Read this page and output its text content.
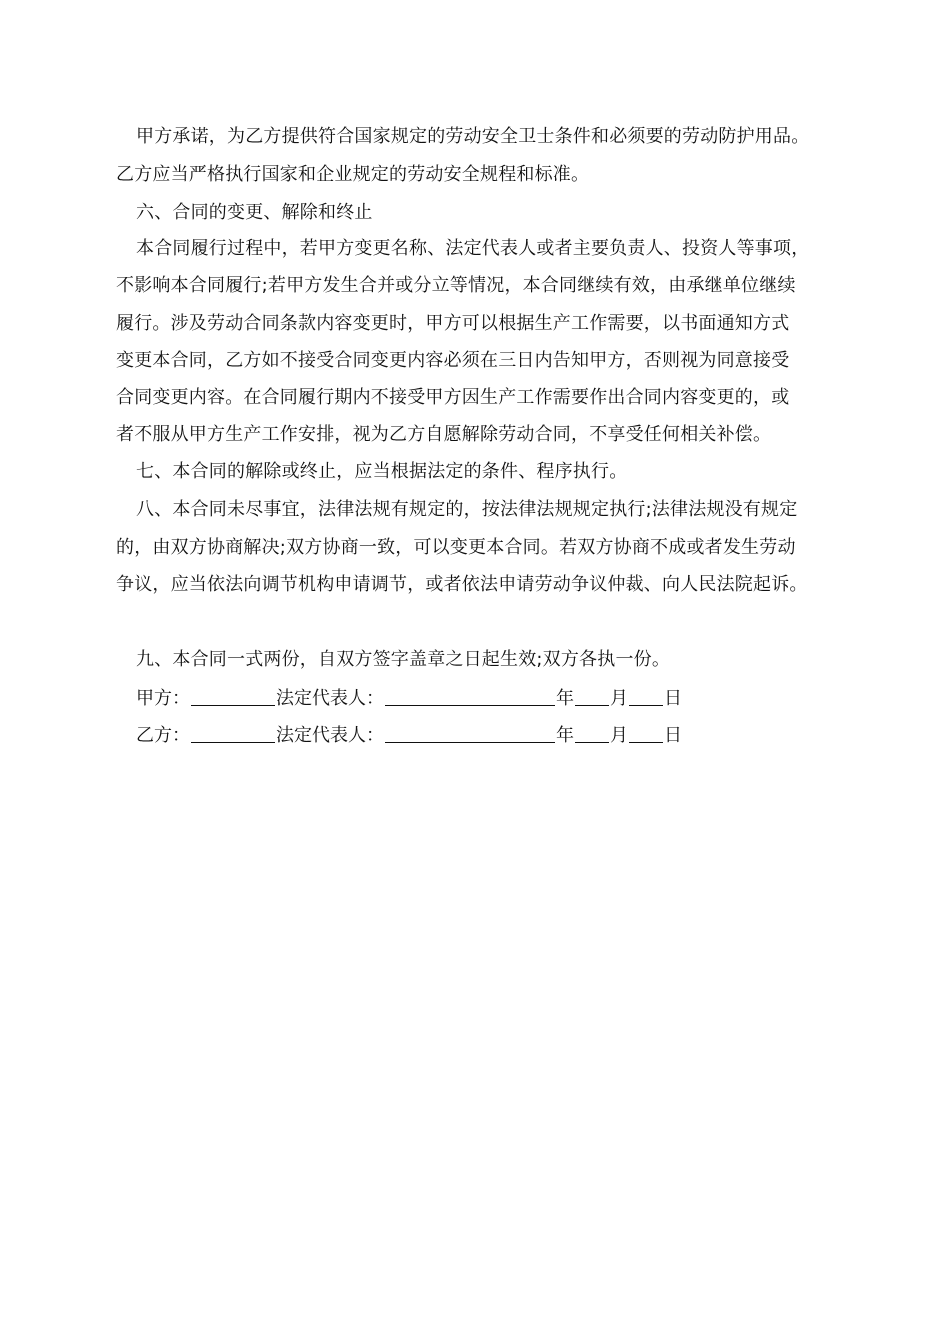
甲方承诺，为乙方提供符合国家规定的劳动安全卫士条件和必须要的劳动防护用品。
乙方应当严格执行国家和企业规定的劳动安全规程和标准。
六、合同的变更、解除和终止
本合同履行过程中，若甲方变更名称、法定代表人或者主要负责人、投资人等事项，
不影响本合同履行;若甲方发生合并或分立等情况，本合同继续有效，由承继单位继续
履行。涉及劳动合同条款内容变更时，甲方可以根据生产工作需要，以书面通知方式
变更本合同，乙方如不接受合同变更内容必须在三日内告知甲方，否则视为同意接受
合同变更内容。在合同履行期内不接受甲方因生产工作需要作出合同内容变更的，或
者不服从甲方生产工作安排，视为乙方自愿解除劳动合同，不享受任何相关补偿。
七、本合同的解除或终止，应当根据法定的条件、程序执行。
八、本合同未尽事宜，法律法规有规定的，按法律法规规定执行;法律法规没有规定
的，由双方协商解决;双方协商一致，可以变更本合同。若双方协商不成或者发生劳动
争议，应当依法向调节机构申请调节，或者依法申请劳动争议仲裁、向人民法院起诉。
九、本合同一式两份，自双方签字盖章之日起生效;双方各执一份。
甲方：	法定代表人：	年 月 日
乙方：	法定代表人：	年 月 日
